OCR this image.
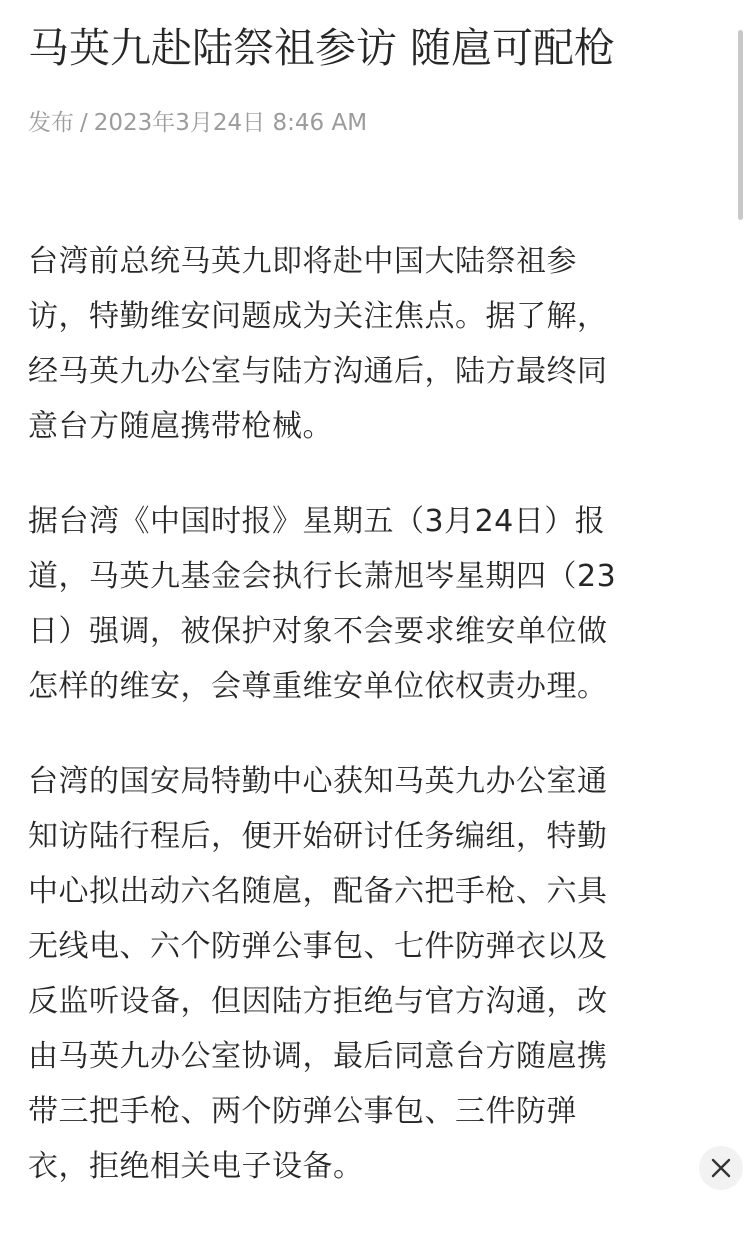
马英九赴陆祭祖参访 随扈可配枪
发布 / 2023年3月24日 8:46 AM

台湾前总统马英九即将赴中国大陆祭祖参
访，特勤维安问题成为关注焦点。据了解，
经马英九办公室与陆方沟通后，陆方最终同
意台方随扈携带枪械。

据台湾《中国时报》星期五（3月24日）报
道，马英九基金会执行长萧旭岑星期四（23
日）强调，被保护对象不会要求维安单位做
怎样的维安，会尊重维安单位依权责办理。

台湾的国安局特勤中心获知马英九办公室通
知访陆行程后，便开始研讨任务编组，特勤
中心拟出动六名随扈，配备六把手枪、六具
无线电、六个防弹公事包、七件防弹衣以及
反监听设备，但因陆方拒绝与官方沟通，改
由马英九办公室协调，最后同意台方随扈携
带三把手枪、两个防弹公事包、三件防弹
衣，拒绝相关电子设备。
